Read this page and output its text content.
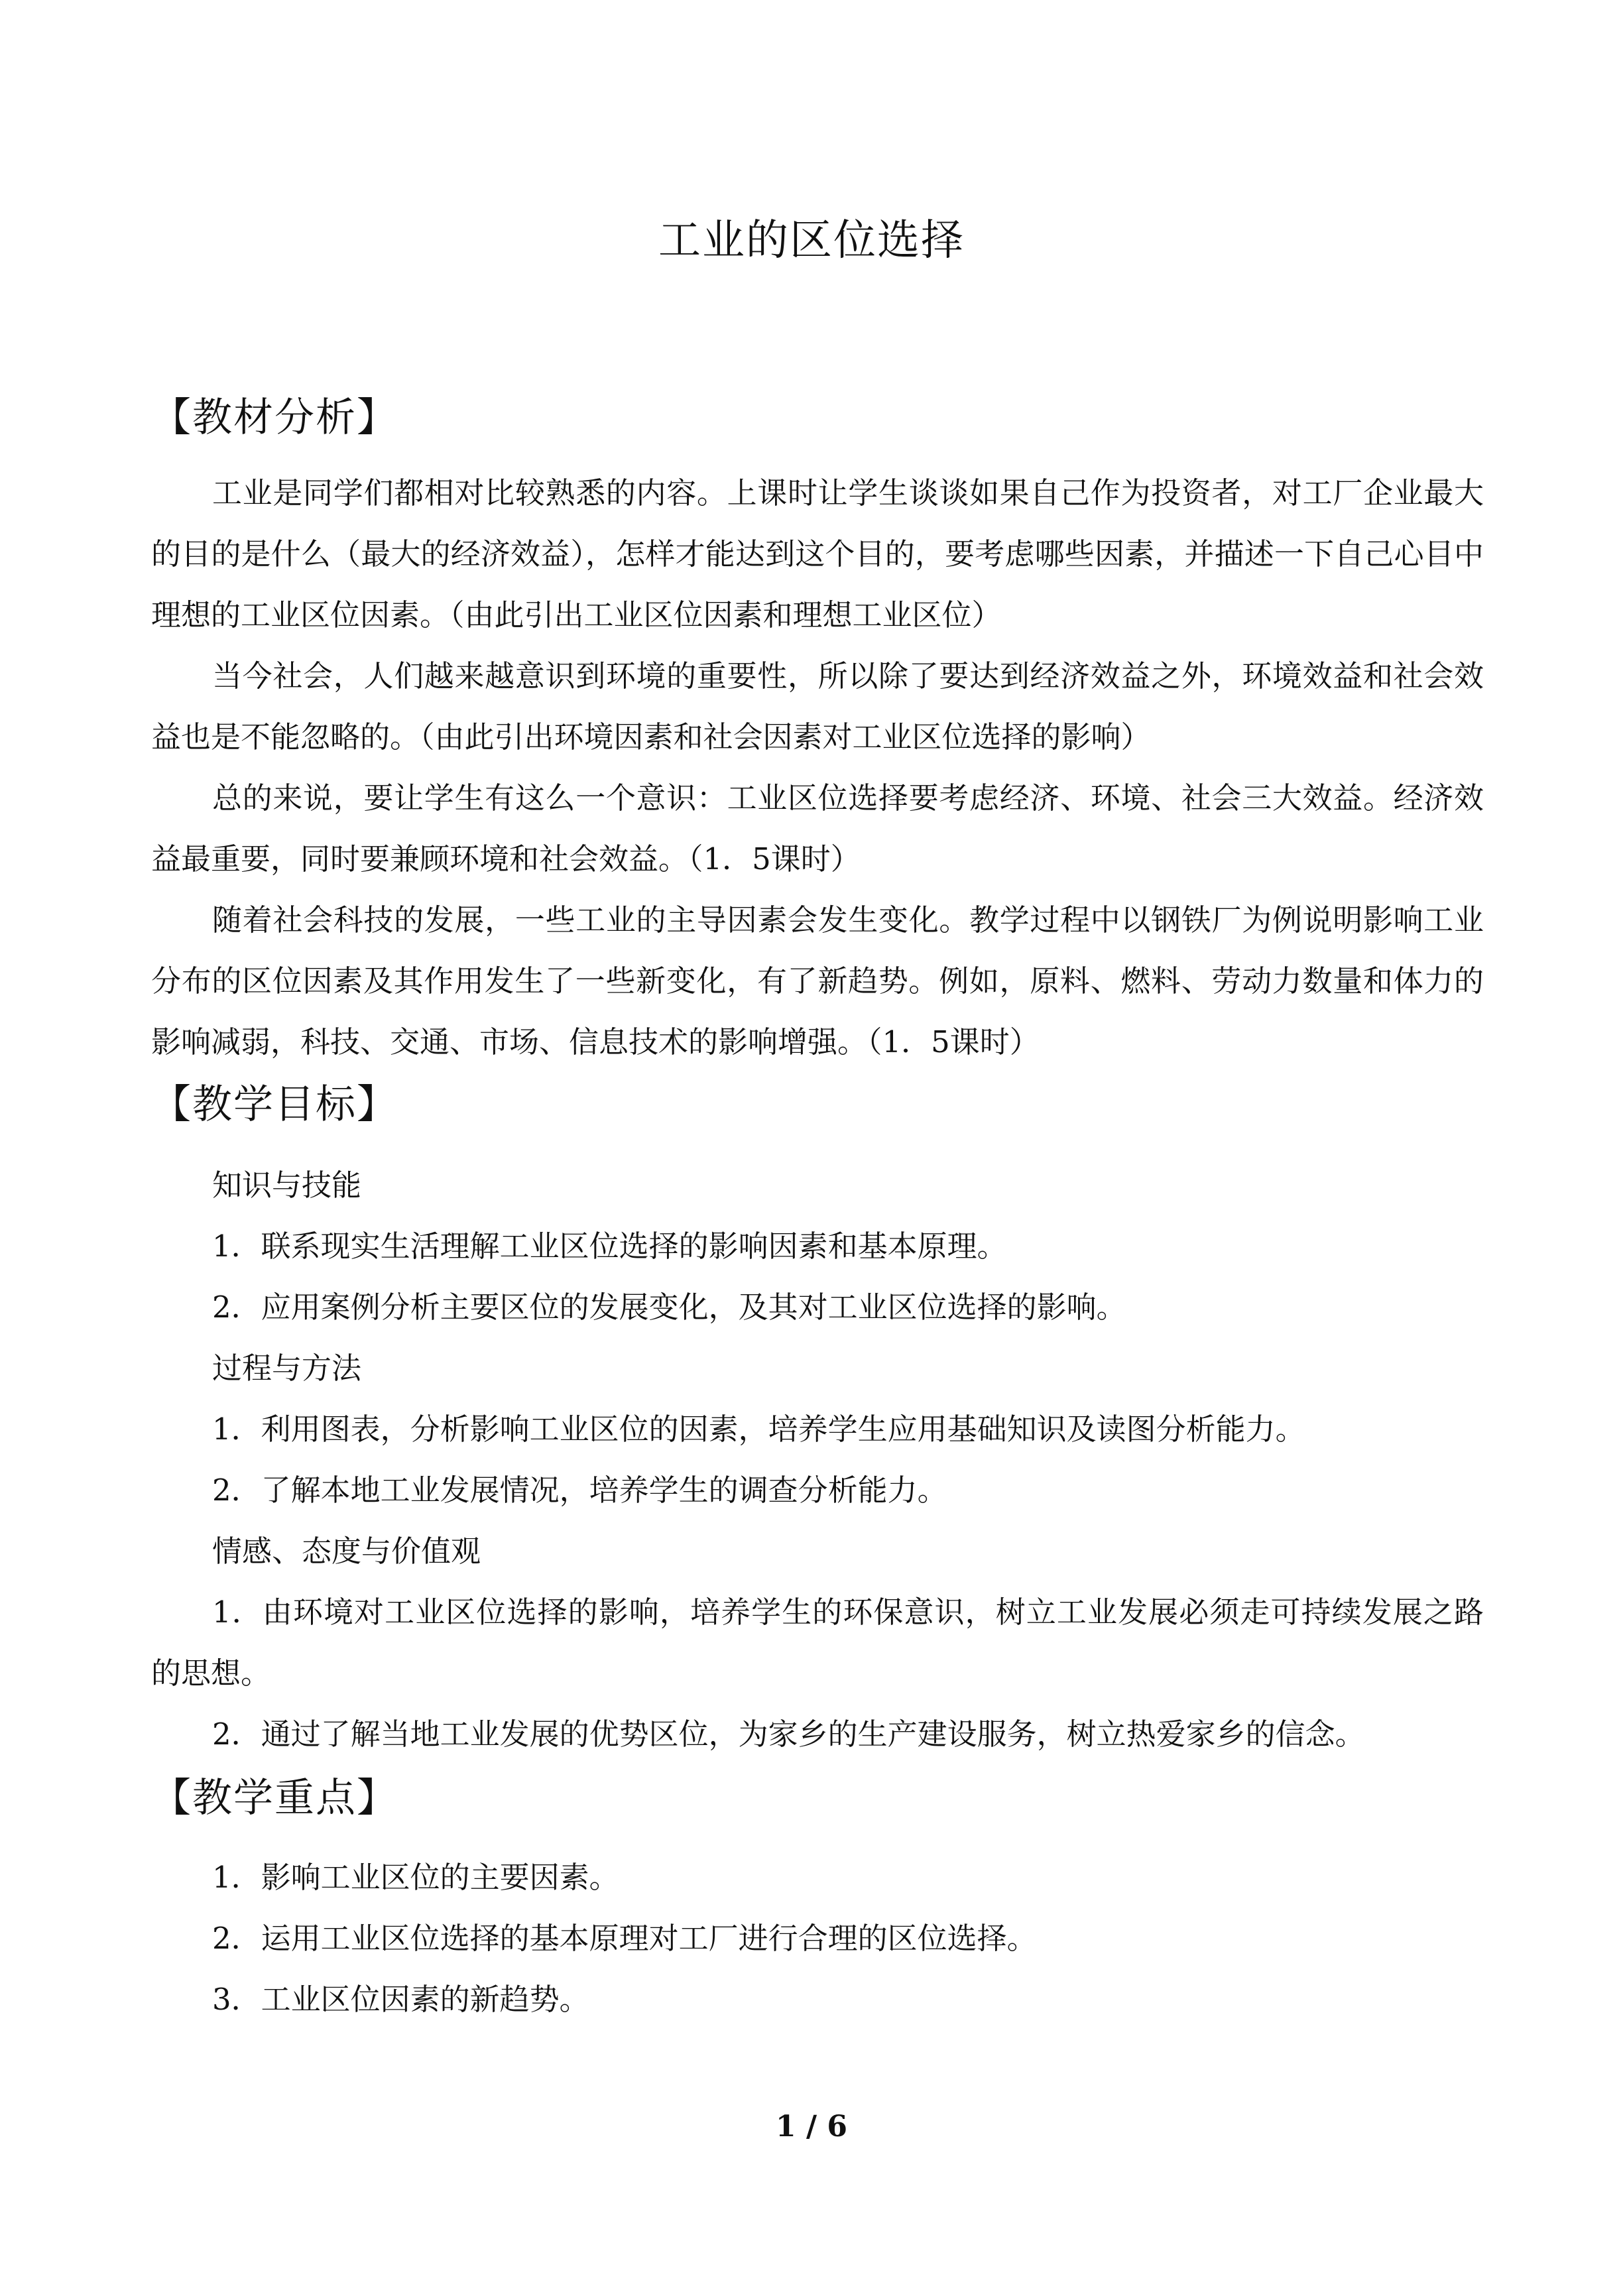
工业的区位选择
【教材分析】
工业是同学们都相对比较熟悉的内容。上课时让学生谈谈如果自己作为投资者，对工厂企业最大的目的是什么（最大的经济效益），怎样才能达到这个目的，要考虑哪些因素，并描述一下自己心目中理想的工业区位因素。（由此引出工业区位因素和理想工业区位）
当今社会，人们越来越意识到环境的重要性，所以除了要达到经济效益之外，环境效益和社会效益也是不能忽略的。（由此引出环境因素和社会因素对工业区位选择的影响）
总的来说，要让学生有这么一个意识：工业区位选择要考虑经济、环境、社会三大效益。经济效益最重要，同时要兼顾环境和社会效益。（1．5课时）
随着社会科技的发展，一些工业的主导因素会发生变化。教学过程中以钢铁厂为例说明影响工业分布的区位因素及其作用发生了一些新变化，有了新趋势。例如，原料、燃料、劳动力数量和体力的影响减弱，科技、交通、市场、信息技术的影响增强。（1．5课时）
【教学目标】
知识与技能
1．联系现实生活理解工业区位选择的影响因素和基本原理。
2．应用案例分析主要区位的发展变化，及其对工业区位选择的影响。
过程与方法
1．利用图表，分析影响工业区位的因素，培养学生应用基础知识及读图分析能力。
2．了解本地工业发展情况，培养学生的调查分析能力。
情感、态度与价值观
1．由环境对工业区位选择的影响，培养学生的环保意识，树立工业发展必须走可持续发展之路的思想。
2．通过了解当地工业发展的优势区位，为家乡的生产建设服务，树立热爱家乡的信念。
【教学重点】
1．影响工业区位的主要因素。
2．运用工业区位选择的基本原理对工厂进行合理的区位选择。
3．工业区位因素的新趋势。
1 / 6
